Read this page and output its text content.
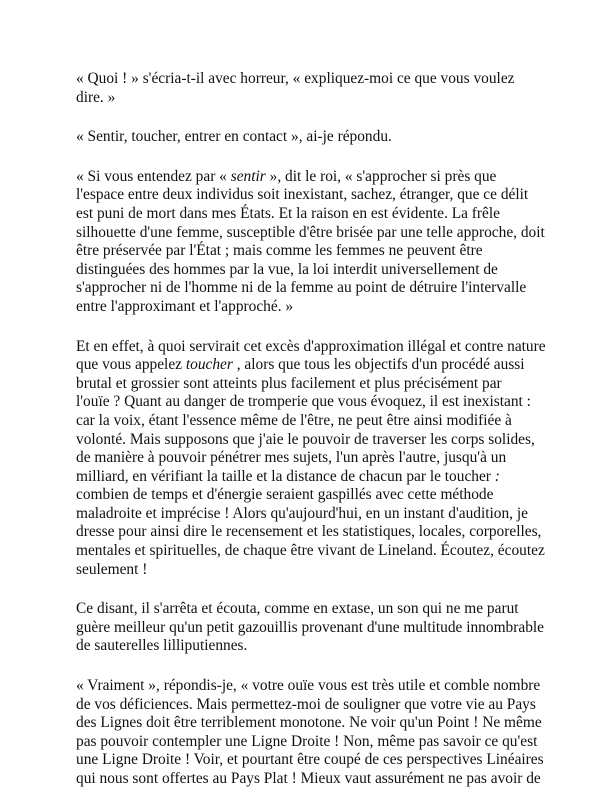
« Quoi ! » s'écria-t-il avec horreur, « expliquez-moi ce que vous voulez
dire. »

« Sentir, toucher, entrer en contact », ai-je répondu.

« Si vous entendez par « sentir », dit le roi, « s'approcher si près que
l'espace entre deux individus soit inexistant, sachez, étranger, que ce délit
est puni de mort dans mes États. Et la raison en est évidente. La frêle
silhouette d'une femme, susceptible d'être brisée par une telle approche, doit
être préservée par l'État ; mais comme les femmes ne peuvent être
distinguées des hommes par la vue, la loi interdit universellement de
s'approcher ni de l'homme ni de la femme au point de détruire l'intervalle
entre l'approximant et l'approché. »

Et en effet, à quoi servirait cet excès d'approximation illégal et contre nature
que vous appelez toucher , alors que tous les objectifs d'un procédé aussi
brutal et grossier sont atteints plus facilement et plus précisément par
l'ouïe ? Quant au danger de tromperie que vous évoquez, il est inexistant :
car la voix, étant l'essence même de l'être, ne peut être ainsi modifiée à
volonté. Mais supposons que j'aie le pouvoir de traverser les corps solides,
de manière à pouvoir pénétrer mes sujets, l'un après l'autre, jusqu'à un
milliard, en vérifiant la taille et la distance de chacun par le toucher :
combien de temps et d'énergie seraient gaspillés avec cette méthode
maladroite et imprécise ! Alors qu'aujourd'hui, en un instant d'audition, je
dresse pour ainsi dire le recensement et les statistiques, locales, corporelles,
mentales et spirituelles, de chaque être vivant de Lineland. Écoutez, écoutez
seulement !

Ce disant, il s'arrêta et écouta, comme en extase, un son qui ne me parut
guère meilleur qu'un petit gazouillis provenant d'une multitude innombrable
de sauterelles lilliputiennes.

« Vraiment », répondis-je, « votre ouïe vous est très utile et comble nombre
de vos déficiences. Mais permettez-moi de souligner que votre vie au Pays
des Lignes doit être terriblement monotone. Ne voir qu'un Point ! Ne même
pas pouvoir contempler une Ligne Droite ! Non, même pas savoir ce qu'est
une Ligne Droite ! Voir, et pourtant être coupé de ces perspectives Linéaires
qui nous sont offertes au Pays Plat ! Mieux vaut assurément ne pas avoir de
